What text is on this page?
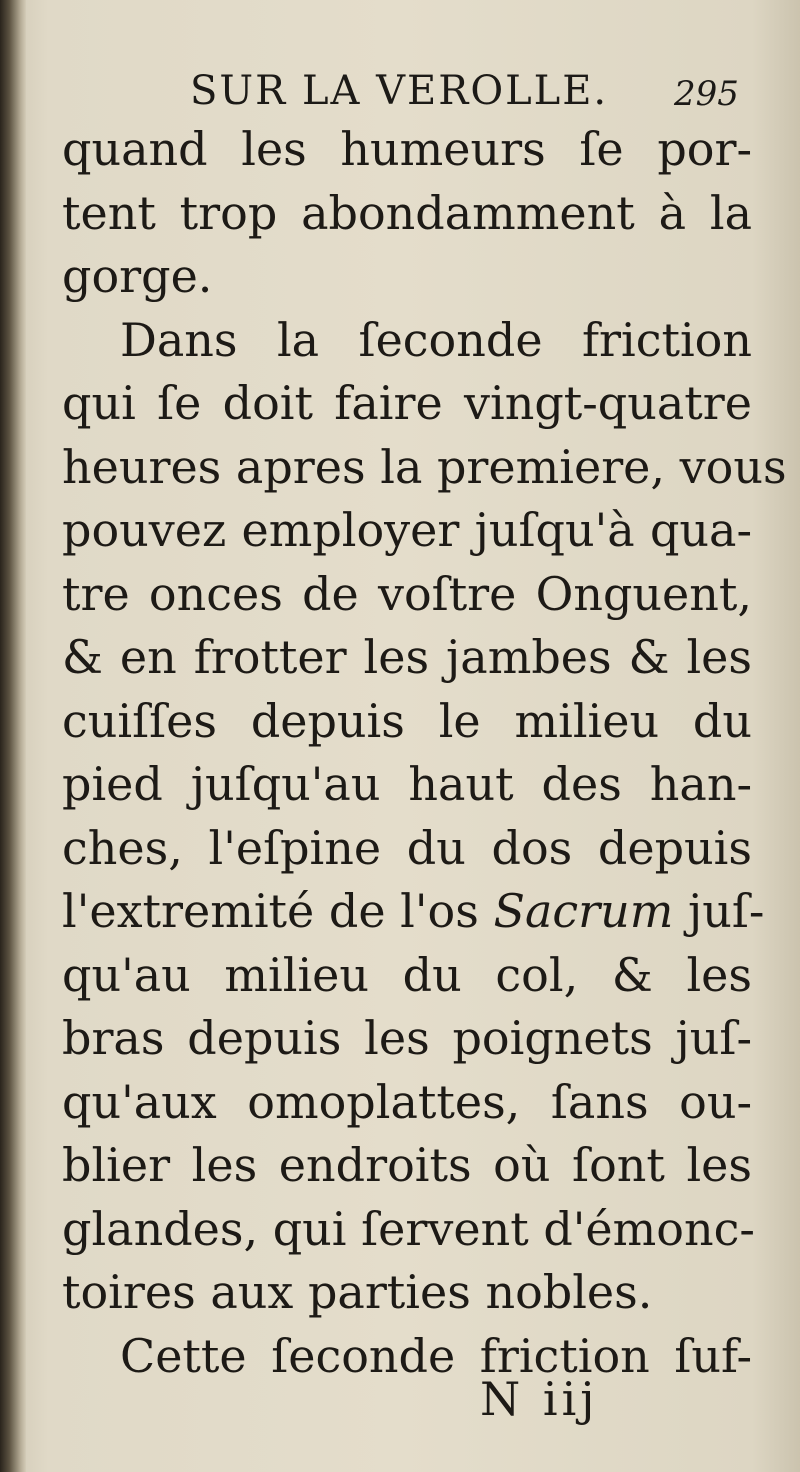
SUR LA VEROLLE. 295
quand les humeurs ſe por-
tent trop abondamment à la
gorge.
Dans la ſeconde friction
qui ſe doit faire vingt-quatre
heures apres la premiere, vous
pouvez employer juſqu'à qua-
tre onces de voſtre Onguent,
& en frotter les jambes & les
cuiſſes depuis le milieu du
pied juſqu'au haut des han-
ches, l'eſpine du dos depuis
l'extremité de l'os Sacrum juſ-
qu'au milieu du col, & les
bras depuis les poignets juſ-
qu'aux omoplattes, ſans ou-
blier les endroits où ſont les
glandes, qui ſervent d'émonc-
toires aux parties nobles.
Cette ſeconde friction ſuf-
N iij
